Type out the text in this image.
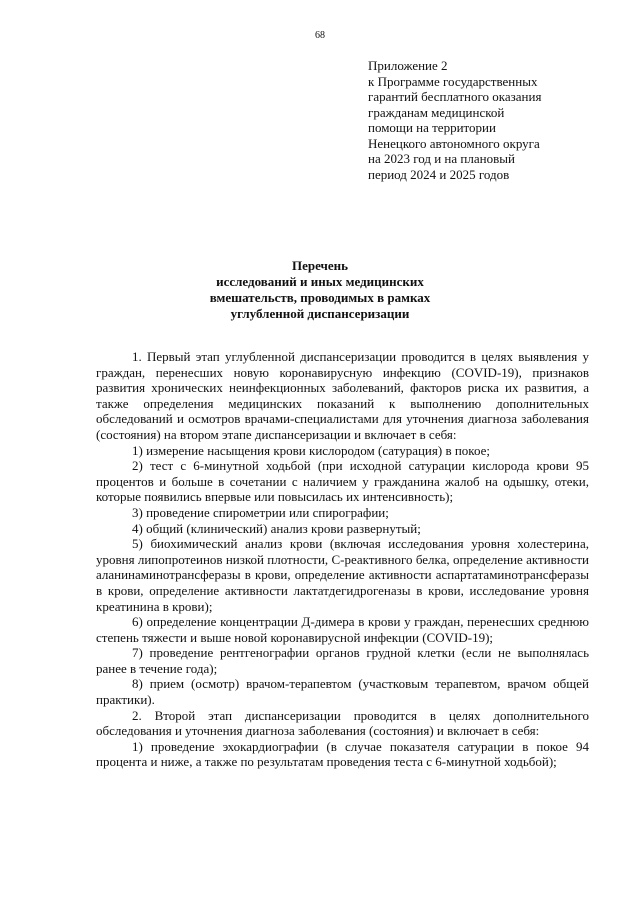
68
Приложение 2
к Программе государственных
гарантий бесплатного оказания
гражданам медицинской
помощи на территории
Ненецкого автономного округа
на 2023 год и на плановый
период 2024 и 2025 годов
Перечень
исследований и иных медицинских
вмешательств, проводимых в рамках
углубленной диспансеризации

1. Первый этап углубленной диспансеризации проводится в целях выявления у граждан, перенесших новую коронавирусную инфекцию (COVID-19), признаков развития хронических неинфекционных заболеваний, факторов риска их развития, а также определения медицинских показаний к выполнению дополнительных обследований и осмотров врачами-специалистами для уточнения диагноза заболевания (состояния) на втором этапе диспансеризации и включает в себя:

1) измерение насыщения крови кислородом (сатурация) в покое;

2) тест с 6-минутной ходьбой (при исходной сатурации кислорода крови 95 процентов и больше в сочетании с наличием у гражданина жалоб на одышку, отеки, которые появились впервые или повысилась их интенсивность);

3) проведение спирометрии или спирографии;

4) общий (клинический) анализ крови развернутый;

5) биохимический анализ крови (включая исследования уровня холестерина, уровня липопротеинов низкой плотности, С-реактивного белка, определение активности аланинаминотрансферазы в крови, определение активности аспартатаминотрансферазы в крови, определение активности лактатдегидрогеназы в крови, исследование уровня креатинина в крови);

6) определение концентрации Д-димера в крови у граждан, перенесших среднюю степень тяжести и выше новой коронавирусной инфекции (COVID-19);

7) проведение рентгенографии органов грудной клетки (если не выполнялась ранее в течение года);

8) прием (осмотр) врачом-терапевтом (участковым терапевтом, врачом общей практики).

2. Второй этап диспансеризации проводится в целях дополнительного обследования и уточнения диагноза заболевания (состояния) и включает в себя:

1) проведение эхокардиографии (в случае показателя сатурации в покое 94 процента и ниже, а также по результатам проведения теста с 6-минутной ходьбой);
